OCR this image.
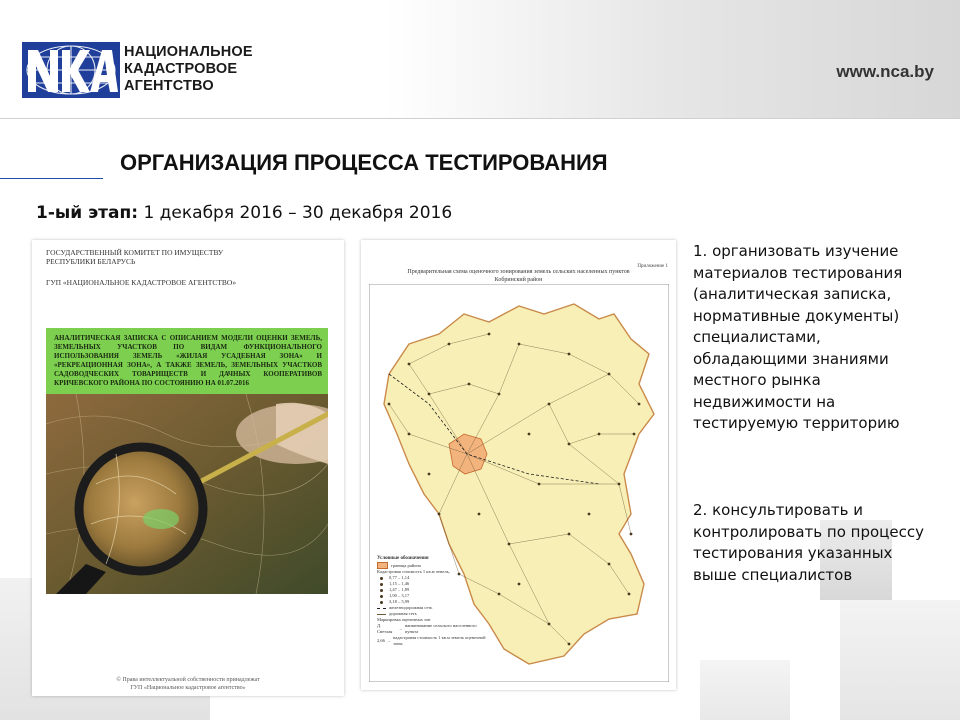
НАЦИОНАЛЬНОЕ
КАДАСТРОВОЕ
АГЕНТСТВО
www.nca.by
ОРГАНИЗАЦИЯ ПРОЦЕССА ТЕСТИРОВАНИЯ
1-ый этап: 1 декабря 2016 – 30 декабря 2016
ГОСУДАРСТВЕННЫЙ КОМИТЕТ ПО ИМУЩЕСТВУ
РЕСПУБЛИКИ БЕЛАРУСЬ
ГУП «НАЦИОНАЛЬНОЕ КАДАСТРОВОЕ АГЕНТСТВО»
АНАЛИТИЧЕСКАЯ ЗАПИСКА С ОПИСАНИЕМ МОДЕЛИ ОЦЕНКИ ЗЕМЕЛЬ, ЗЕМЕЛЬНЫХ УЧАСТКОВ ПО ВИДАМ ФУНКЦИОНАЛЬНОГО ИСПОЛЬЗОВАНИЯ ЗЕМЕЛЬ «ЖИЛАЯ УСАДЕБНАЯ ЗОНА» И «РЕКРЕАЦИОННАЯ ЗОНА», А ТАКЖЕ ЗЕМЕЛЬ, ЗЕМЕЛЬНЫХ УЧАСТКОВ САДОВОДЧЕСКИХ ТОВАРИЩЕСТВ И ДАЧНЫХ КООПЕРАТИВОВ КРИЧЕВСКОГО РАЙОНА ПО СОСТОЯНИЮ НА 01.07.2016
© Права интеллектуальной собственности принадлежат
ГУП «Национальное кадастровое агентство»
Приложение 1
Предварительная схема оценочного зонирования земель сельских населенных пунктов
Кобринский район
Условные обозначения
граница района
Кадастровая стоимость 1 кв.м земель,
0,77 – 1,14
1,15 – 1,46
1,47 – 1,89
1,90 – 3,17
3,18 – 5,99
железнодорожная сеть
дорожная сеть
Маркировка оценочных зон
Д. Светлая
–
наименование сельского населенного пункта
2,66 –
кадастровая стоимость 1 кв.м земель оценочной зоны

1. организовать изучение материалов тестирования (аналитическая записка, нормативные документы) специалистами, обладающими знаниями местного рынка недвижимости на тестируемую территорию

2. консультировать и контролировать по процессу тестирования указанных выше специалистов
